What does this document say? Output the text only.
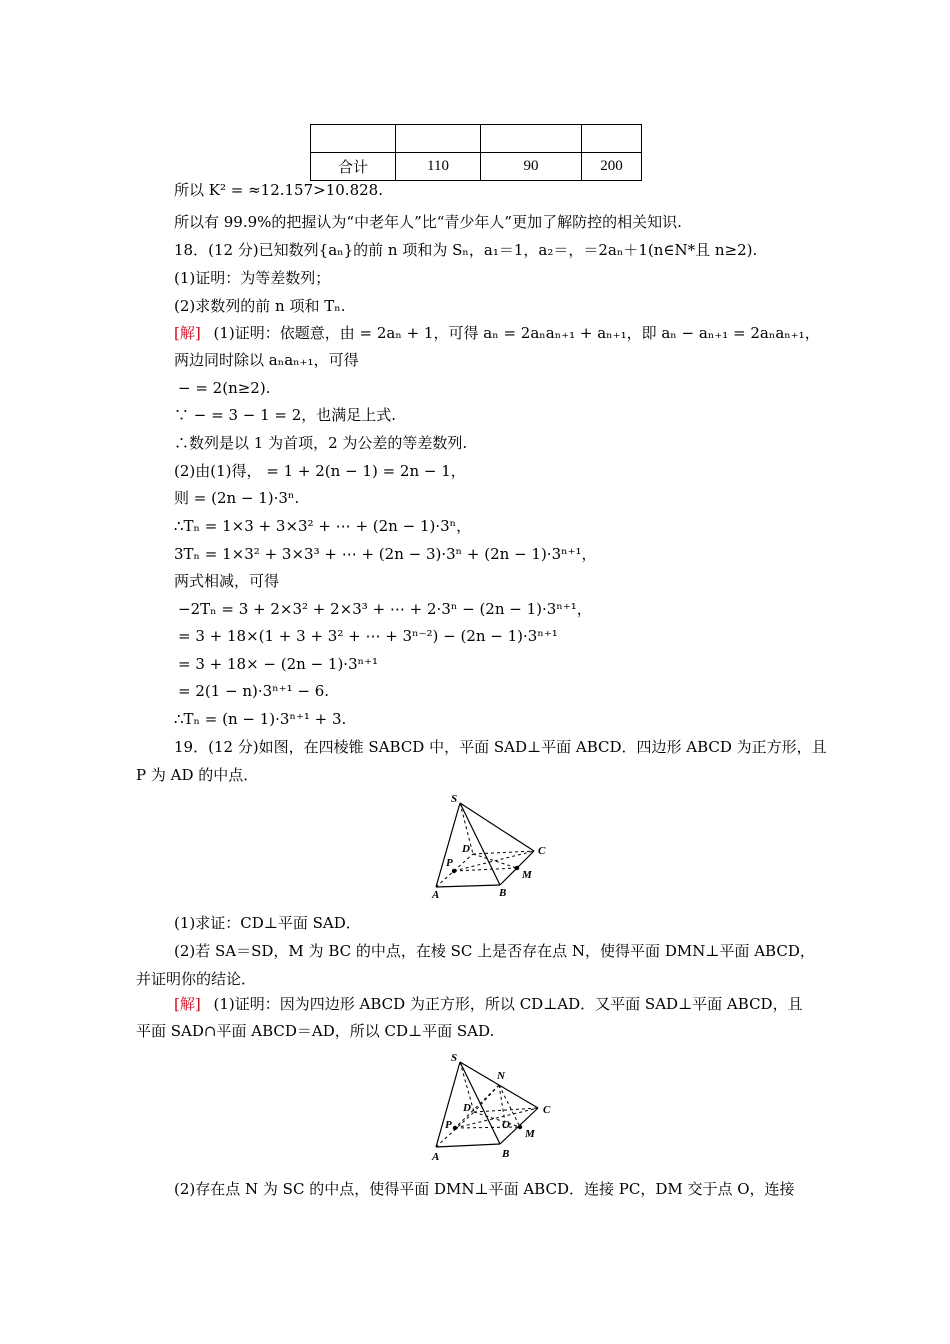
合计	110	90	200
所以 K² = ≈12.157>10.828.
所以有 99.9%的把握认为“中老年人”比“青少年人”更加了解防控的相关知识.
18．(12 分)已知数列{aₙ}的前 n 项和为 Sₙ，a₁＝1，a₂＝，＝2aₙ＋1(n∈N*且 n≥2).
(1)证明：为等差数列；
(2)求数列的前 n 项和 Tₙ.
[解] (1)证明：依题意，由 = 2aₙ + 1，可得 aₙ = 2aₙaₙ₊₁ + aₙ₊₁，即 aₙ − aₙ₊₁ = 2aₙaₙ₊₁，
两边同时除以 aₙaₙ₊₁，可得
− = 2(n≥2).
∵ − = 3 − 1 = 2，也满足上式.
∴数列是以 1 为首项，2 为公差的等差数列.
(2)由(1)得， = 1 + 2(n − 1) = 2n − 1，
则 = (2n − 1)·3ⁿ.
∴Tₙ = 1×3 + 3×3² + ⋯ + (2n − 1)·3ⁿ，
3Tₙ = 1×3² + 3×3³ + ⋯ + (2n − 3)·3ⁿ + (2n − 1)·3ⁿ⁺¹，
两式相减，可得
−2Tₙ = 3 + 2×3² + 2×3³ + ⋯ + 2·3ⁿ − (2n − 1)·3ⁿ⁺¹，
= 3 + 18×(1 + 3 + 3² + ⋯ + 3ⁿ⁻²) − (2n − 1)·3ⁿ⁺¹
= 3 + 18× − (2n − 1)·3ⁿ⁺¹
= 2(1 − n)·3ⁿ⁺¹ − 6.
∴Tₙ = (n − 1)·3ⁿ⁺¹ + 3.
19．(12 分)如图，在四棱锥 SABCD 中，平面 SAD⊥平面 ABCD．四边形 ABCD 为正方形，且
P 为 AD 的中点．
S
D	C
P
M
A	B
(1)求证：CD⊥平面 SAD．
(2)若 SA＝SD，M 为 BC 的中点，在棱 SC 上是否存在点 N，使得平面 DMN⊥平面 ABCD，
并证明你的结论．
[解] (1)证明：因为四边形 ABCD 为正方形，所以 CD⊥AD．又平面 SAD⊥平面 ABCD，且
平面 SAD∩平面 ABCD＝AD，所以 CD⊥平面 SAD.
S
N
D	C
P	O
M
A	B
(2)存在点 N 为 SC 的中点，使得平面 DMN⊥平面 ABCD．连接 PC，DM 交于点 O，连接
